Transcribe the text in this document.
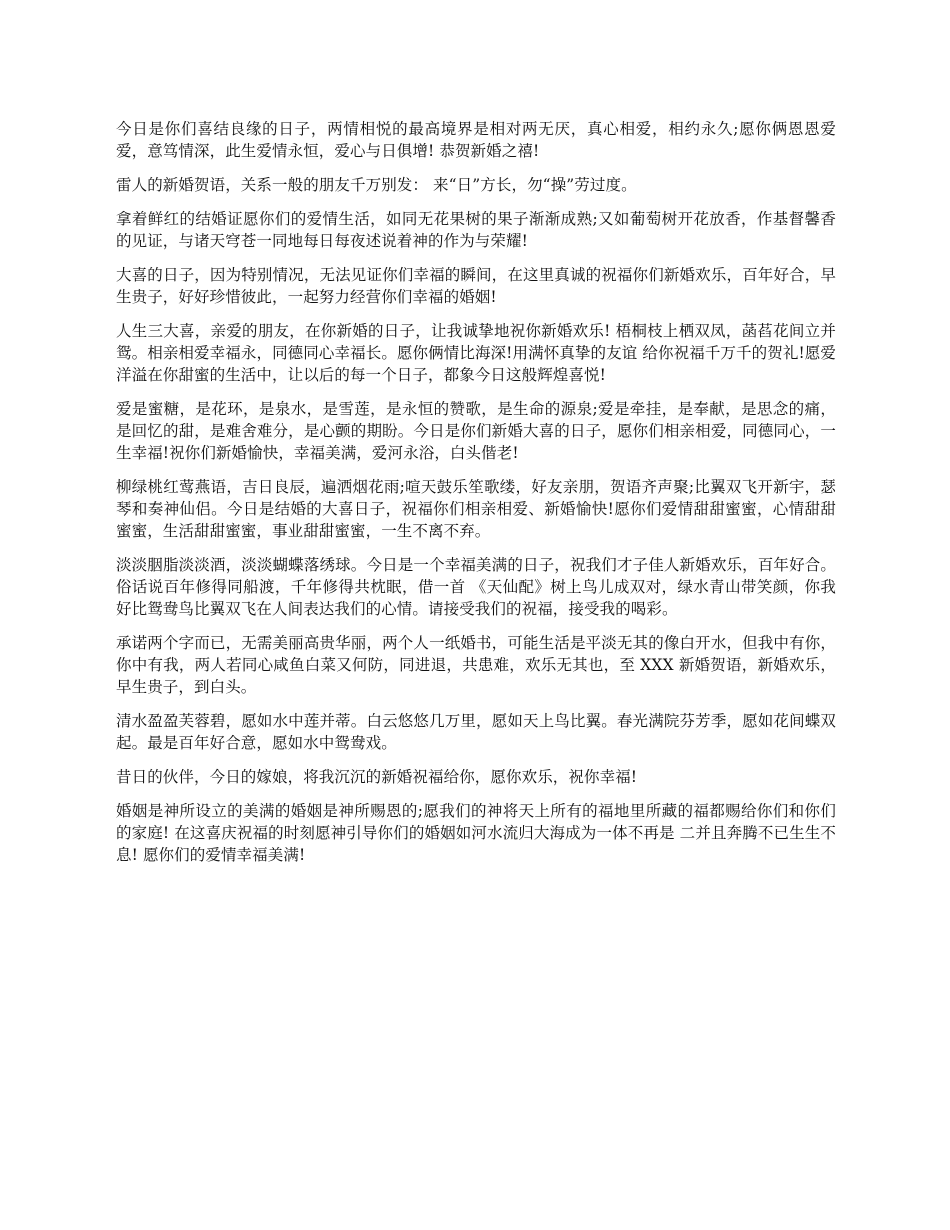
今日是你们喜结良缘的日子，两情相悦的最高境界是相对两无厌，真心相爱，相约永久;愿你俩恩恩爱爱，意笃情深，此生爱情永恒，爱心与日俱增! 恭贺新婚之禧!

雷人的新婚贺语，关系一般的朋友千万别发： 来“日”方长，勿“操”劳过度。

拿着鲜红的结婚证愿你们的爱情生活，如同无花果树的果子渐渐成熟;又如葡萄树开花放香，作基督馨香的见证，与诸天穹苍一同地每日每夜述说着神的作为与荣耀!

大喜的日子，因为特别情况，无法见证你们幸福的瞬间，在这里真诚的祝福你们新婚欢乐，百年好合，早生贵子，好好珍惜彼此，一起努力经营你们幸福的婚姻!

人生三大喜，亲爱的朋友，在你新婚的日子，让我诚挚地祝你新婚欢乐! 梧桐枝上栖双凤，菡萏花间立并鸳。相亲相爱幸福永，同德同心幸福长。愿你俩情比海深!用满怀真挚的友谊 给你祝福千万千的贺礼!愿爱洋溢在你甜蜜的生活中，让以后的每一个日子，都象今日这般辉煌喜悦!

爱是蜜糖，是花环，是泉水，是雪莲，是永恒的赞歌，是生命的源泉;爱是牵挂，是奉献，是思念的痛，是回忆的甜，是难舍难分，是心颤的期盼。今日是你们新婚大喜的日子，愿你们相亲相爱，同德同心，一生幸福!祝你们新婚愉快，幸福美满，爱河永浴，白头偕老!

柳绿桃红莺燕语，吉日良辰，遍洒烟花雨;喧天鼓乐笙歌缕，好友亲朋，贺语齐声聚;比翼双飞开新宇，瑟琴和奏神仙侣。今日是结婚的大喜日子，祝福你们相亲相爱、新婚愉快!愿你们爱情甜甜蜜蜜，心情甜甜蜜蜜，生活甜甜蜜蜜，事业甜甜蜜蜜，一生不离不弃。

淡淡胭脂淡淡酒，淡淡蝴蝶落绣球。今日是一个幸福美满的日子，祝我们才子佳人新婚欢乐，百年好合。俗话说百年修得同船渡，千年修得共枕眠，借一首 《天仙配》树上鸟儿成双对，绿水青山带笑颜，你我好比鸳鸯鸟比翼双飞在人间表达我们的心情。请接受我们的祝福，接受我的喝彩。

承诺两个字而已，无需美丽高贵华丽，两个人一纸婚书，可能生活是平淡无其的像白开水，但我中有你，你中有我，两人若同心咸鱼白菜又何防，同进退，共患难，欢乐无其也，至 XXX 新婚贺语，新婚欢乐，早生贵子，到白头。

清水盈盈芙蓉碧，愿如水中莲并蒂。白云悠悠几万里，愿如天上鸟比翼。春光满院芬芳季，愿如花间蝶双起。最是百年好合意，愿如水中鸳鸯戏。

昔日的伙伴，今日的嫁娘，将我沉沉的新婚祝福给你，愿你欢乐，祝你幸福!

婚姻是神所设立的美满的婚姻是神所赐恩的;愿我们的神将天上所有的福地里所藏的福都赐给你们和你们的家庭! 在这喜庆祝福的时刻愿神引导你们的婚姻如河水流归大海成为一体不再是 二并且奔腾不已生生不息! 愿你们的爱情幸福美满!
